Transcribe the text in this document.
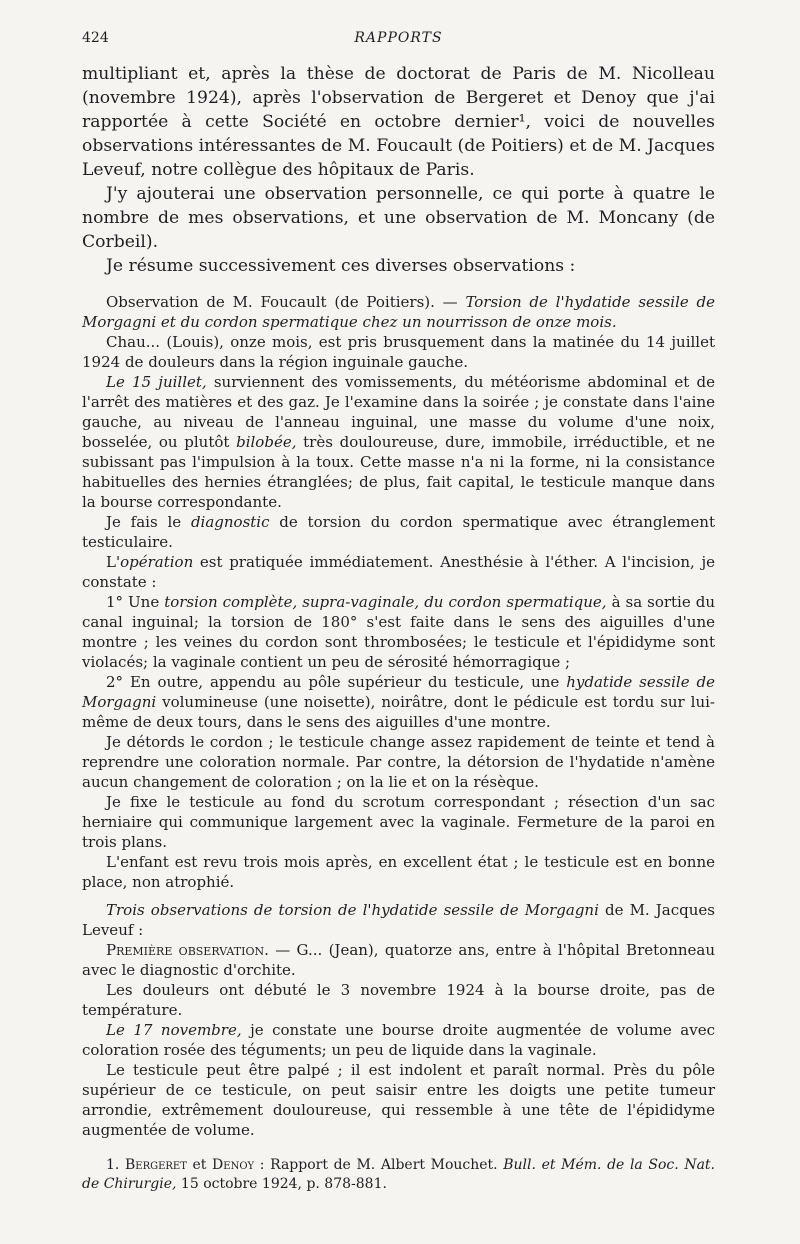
424	RAPPORTS

multipliant et, après la thèse de doctorat de Paris de M. Nicolleau (novembre 1924), après l'observation de Bergeret et Denoy que j'ai rapportée à cette Société en octobre dernier¹, voici de nouvelles observations intéressantes de M. Foucault (de Poitiers) et de M. Jacques Leveuf, notre collègue des hôpitaux de Paris.

J'y ajouterai une observation personnelle, ce qui porte à quatre le nombre de mes observations, et une observation de M. Moncany (de Corbeil).

Je résume successivement ces diverses observations :

Observation de M. Foucault (de Poitiers). — Torsion de l'hydatide sessile de Morgagni et du cordon spermatique chez un nourrisson de onze mois.

Chau... (Louis), onze mois, est pris brusquement dans la matinée du 14 juillet 1924 de douleurs dans la région inguinale gauche.

Le 15 juillet, surviennent des vomissements, du météorisme abdominal et de l'arrêt des matières et des gaz. Je l'examine dans la soirée ; je constate dans l'aine gauche, au niveau de l'anneau inguinal, une masse du volume d'une noix, bosselée, ou plutôt bilobée, très douloureuse, dure, immobile, irréductible, et ne subissant pas l'impulsion à la toux. Cette masse n'a ni la forme, ni la consistance habituelles des hernies étranglées; de plus, fait capital, le testicule manque dans la bourse correspondante.

Je fais le diagnostic de torsion du cordon spermatique avec étranglement testiculaire.

L'opération est pratiquée immédiatement. Anesthésie à l'éther. A l'incision, je constate :

1° Une torsion complète, supra-vaginale, du cordon spermatique, à sa sortie du canal inguinal; la torsion de 180° s'est faite dans le sens des aiguilles d'une montre ; les veines du cordon sont thrombosées; le testicule et l'épididyme sont violacés; la vaginale contient un peu de sérosité hémorragique ;

2° En outre, appendu au pôle supérieur du testicule, une hydatide sessile de Morgagni volumineuse (une noisette), noirâtre, dont le pédicule est tordu sur lui-même de deux tours, dans le sens des aiguilles d'une montre.

Je détords le cordon ; le testicule change assez rapidement de teinte et tend à reprendre une coloration normale. Par contre, la détorsion de l'hydatide n'amène aucun changement de coloration ; on la lie et on la résèque.

Je fixe le testicule au fond du scrotum correspondant ; résection d'un sac herniaire qui communique largement avec la vaginale. Fermeture de la paroi en trois plans.

L'enfant est revu trois mois après, en excellent état ; le testicule est en bonne place, non atrophié.

Trois observations de torsion de l'hydatide sessile de Morgagni de M. Jacques Leveuf :

Première observation. — G... (Jean), quatorze ans, entre à l'hôpital Bretonneau avec le diagnostic d'orchite.

Les douleurs ont débuté le 3 novembre 1924 à la bourse droite, pas de température.

Le 17 novembre, je constate une bourse droite augmentée de volume avec coloration rosée des téguments; un peu de liquide dans la vaginale.

Le testicule peut être palpé ; il est indolent et paraît normal. Près du pôle supérieur de ce testicule, on peut saisir entre les doigts une petite tumeur arrondie, extrêmement douloureuse, qui ressemble à une tête de l'épididyme augmentée de volume.

1. Bergeret et Denoy : Rapport de M. Albert Mouchet. Bull. et Mém. de la Soc. Nat. de Chirurgie, 15 octobre 1924, p. 878-881.
